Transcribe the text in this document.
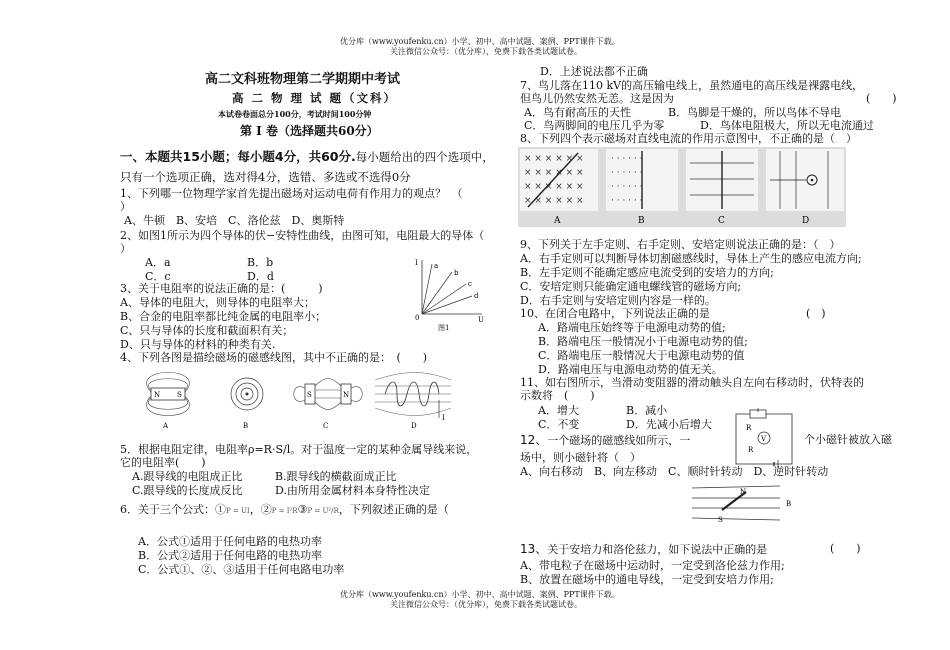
优分库（www.youfenku.cn）小学、初中、高中试题、案例、PPT课件下载。
关注微信公众号：（优分库），免费下载各类试题试卷。
高二文科班物理第二学期期中考试
高 二 物 理 试 题（文科）
本试卷卷面总分100分，考试时间100分钟
第 I 卷（选择题共60分）
一、本题共15小题；每小题4分，共60分.每小题给出的四个选项中，
只有一个选项正确，选对得4分，选错、多选或不选得0分
1、下列哪一位物理学家首先提出磁场对运动电荷有作用力的观点？　（
）
A、牛顿　B、安培　C、洛伦兹　D、奥斯特
2、如图1所示为四个导体的伏−安特性曲线，由图可知，电阻最大的导体（
）
A．a	B．b
C．c	D．d
I
0	U
a
b
c
d
图1
3、关于电阻率的说法正确的是：(　　　)
A、导体的电阻大，则导体的电阻率大；
B、合金的电阻率都比纯金属的电阻率小；
C、只与导体的长度和截面积有关；
D、只与导体的材料的种类有关.
4、下列各图是描绘磁场的磁感线图，其中不正确的是：　(　　)
N S
A	B
S	N
C
I
D
5．根据电阻定律，电阻率ρ=R·S/l。对于温度一定的某种金属导线来说，
它的电阻率(　　)
A.跟导线的电阻成正比	B.跟导线的横截面成正比
C.跟导线的长度成反比	D.由所用金属材料本身特性决定
6．关于三个公式：①P = UI，②P = I²R③P = U²/R，下列叙述正确的是（
A．公式①适用于任何电路的电热功率
B．公式②适用于任何电路的电热功率
C．公式①、②、③适用于任何电路电功率
D．上述说法都不正确
7、鸟儿落在110 kV的高压输电线上，虽然通电的高压线是裸露电线，
但鸟儿仍然安然无恙。这是因为	(　　)
A．鸟有耐高压的天性	B．鸟脚是干燥的，所以鸟体不导电
C．鸟两脚间的电压几乎为零	D．鸟体电阻极大，所以无电流通过
8、下列四个表示磁场对直线电流的作用示意图中，不正确的是（　）
× × × × × ×
× × × × × ×
× × × × × ×
× × × × × ×
A
· · · · · ·
· · · · · ·
· · · · · ·
· · · · · ·
B	C	D
9、下列关于左手定则、右手定则、安培定则说法正确的是：（　）
A．右手定则可以判断导体切割磁感线时，导体上产生的感应电流方向;
B．左手定则不能确定感应电流受到的安培力的方向;
C．安培定则只能确定通电螺线管的磁场方向;
D．右手定则与安培定则内容是一样的。
10、在闭合电路中，下列说法正确的是	(　)
A．路端电压始终等于电源电动势的值;
B．路端电压一般情况小于电源电动势的值;
C．路端电压一般情况大于电源电动势的值
D．路端电压与电源电动势的值无关。
11、如右图所示，当滑动变阻器的滑动触头自左向右移动时，伏特表的
示数将　(　　)
A．增大	B．减小
C．不变	D．先减小后增大	R
V
R
12、一个磁场的磁感线如所示，一	个小磁针被放入磁
场中，则小磁针将（　）
A、向右移动　B、向左移动　C、顺时针转动　D、逆时针转动
N
S
B
13、关于安培力和洛伦兹力，如下说法中正确的是	(　　)
A、带电粒子在磁场中运动时，一定受到洛伦兹力作用;
B、放置在磁场中的通电导线，一定受到安培力作用;
优分库（www.youfenku.cn）小学、初中、高中试题、案例、PPT课件下载。
关注微信公众号：（优分库），免费下载各类试题试卷。
